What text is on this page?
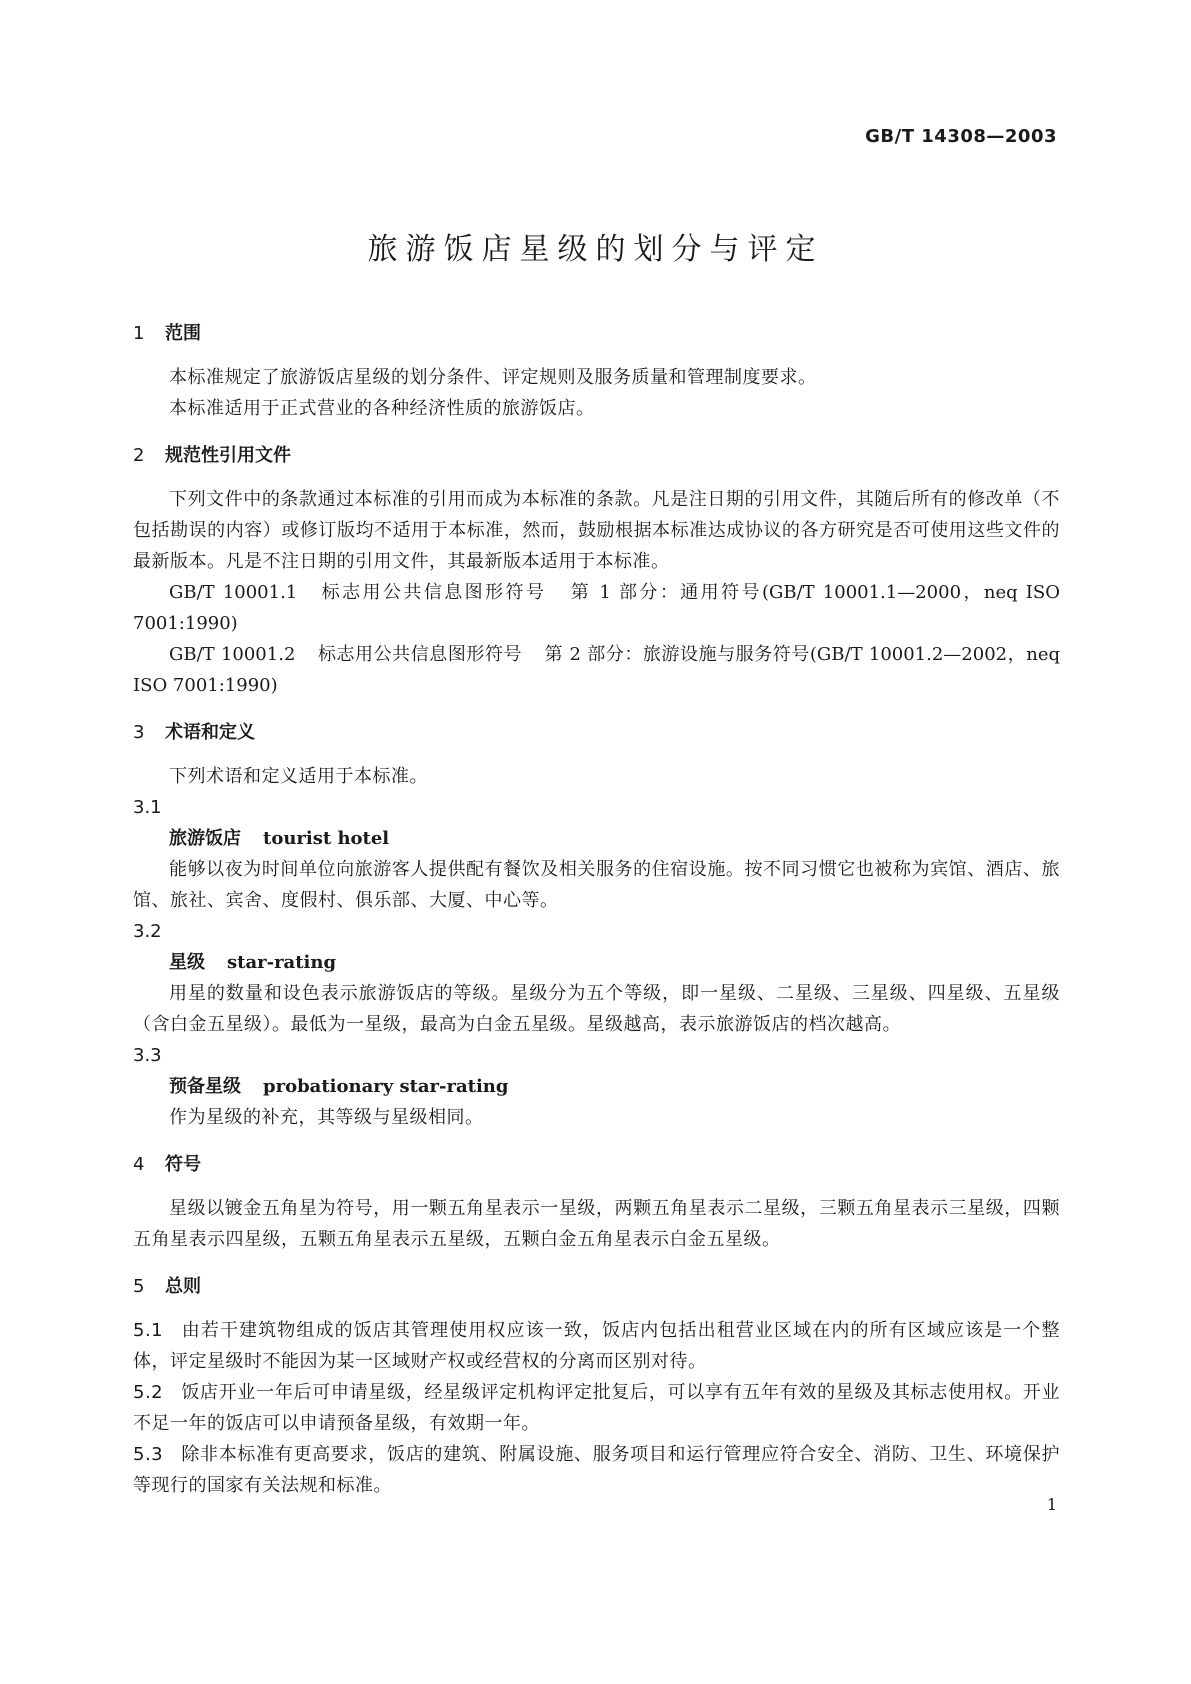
GB/T 14308—2003
旅游饭店星级的划分与评定
1	范围

本标准规定了旅游饭店星级的划分条件、评定规则及服务质量和管理制度要求。

本标准适用于正式营业的各种经济性质的旅游饭店。

2	规范性引用文件

下列文件中的条款通过本标准的引用而成为本标准的条款。凡是注日期的引用文件，其随后所有的修改单（不包括勘误的内容）或修订版均不适用于本标准，然而，鼓励根据本标准达成协议的各方研究是否可使用这些文件的最新版本。凡是不注日期的引用文件，其最新版本适用于本标准。

GB/T 10001.1 标志用公共信息图形符号 第 1 部分：通用符号(GB/T 10001.1—2000，neq ISO 7001:1990)

GB/T 10001.2 标志用公共信息图形符号 第 2 部分：旅游设施与服务符号(GB/T 10001.2—2002，neq ISO 7001:1990)

3	术语和定义

下列术语和定义适用于本标准。

3.1
旅游饭店 tourist hotel

能够以夜为时间单位向旅游客人提供配有餐饮及相关服务的住宿设施。按不同习惯它也被称为宾馆、酒店、旅馆、旅社、宾舍、度假村、俱乐部、大厦、中心等。

3.2
星级 star-rating

用星的数量和设色表示旅游饭店的等级。星级分为五个等级，即一星级、二星级、三星级、四星级、五星级（含白金五星级）。最低为一星级，最高为白金五星级。星级越高，表示旅游饭店的档次越高。

3.3
预备星级 probationary star-rating

作为星级的补充，其等级与星级相同。

4	符号

星级以镀金五角星为符号，用一颗五角星表示一星级，两颗五角星表示二星级，三颗五角星表示三星级，四颗五角星表示四星级，五颗五角星表示五星级，五颗白金五角星表示白金五星级。

5	总则

5.1 由若干建筑物组成的饭店其管理使用权应该一致，饭店内包括出租营业区域在内的所有区域应该是一个整体，评定星级时不能因为某一区域财产权或经营权的分离而区别对待。

5.2 饭店开业一年后可申请星级，经星级评定机构评定批复后，可以享有五年有效的星级及其标志使用权。开业不足一年的饭店可以申请预备星级，有效期一年。

5.3 除非本标准有更高要求，饭店的建筑、附属设施、服务项目和运行管理应符合安全、消防、卫生、环境保护等现行的国家有关法规和标准。

1
